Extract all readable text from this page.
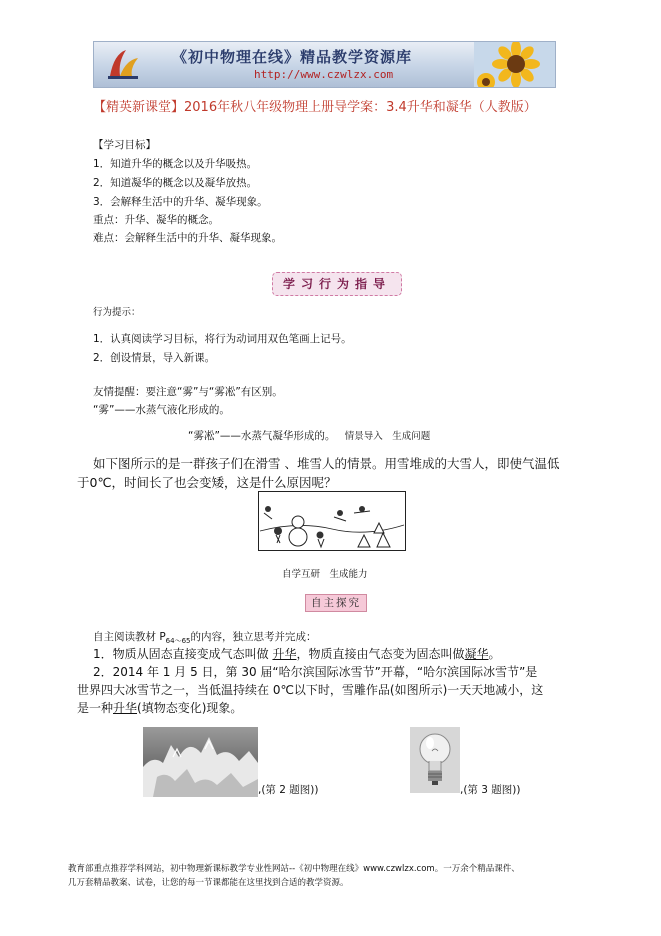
《初中物理在线》精品教学资源库
http://www.czwlzx.com
【精英新课堂】2016年秋八年级物理上册导学案：3.4升华和凝华（人教版）
【学习目标】
1．知道升华的概念以及升华吸热。
2．知道凝华的概念以及凝华放热。
3．会解释生活中的升华、凝华现象。
重点：升华、凝华的概念。
难点：会解释生活中的升华、凝华现象。
学习行为指导
行为提示：
1．认真阅读学习目标，将行为动词用双色笔画上记号。
2．创设情景，导入新课。
友情提醒：要注意“雾”与“雾凇”有区别。
“雾”——水蒸气液化形成的。
“雾凇”——水蒸气凝华形成的。 情景导入　生成问题
如下图所示的是一群孩子们在滑雪 、堆雪人的情景。用雪堆成的大雪人，即使气温低
于0℃，时间长了也会变矮，这是什么原因呢？
自学互研　生成能力
自主探究
自主阅读教材 $P_{64\sim 65}$的内容，独立思考并完成：
1．物质从固态直接变成气态叫做 升华，物质直接由气态变为固态叫做凝华。
2．2014 年 1 月 5 日，第 30 届“哈尔滨国际冰雪节”开幕，“哈尔滨国际冰雪节”是
世界四大冰雪节之一，当低温持续在 0℃以下时，雪雕作品(如图所示)一天天地减小，这
是一种升华(填物态变化)现象。
,(第 2 题图))	,(第 3 题图))
教育部重点推荐学科网站，初中物理新课标教学专业性网站--《初中物理在线》www.czwlzx.com。一万余个精品课件、
几万套精品教案、试卷，让您的每一节课都能在这里找到合适的教学资源。
